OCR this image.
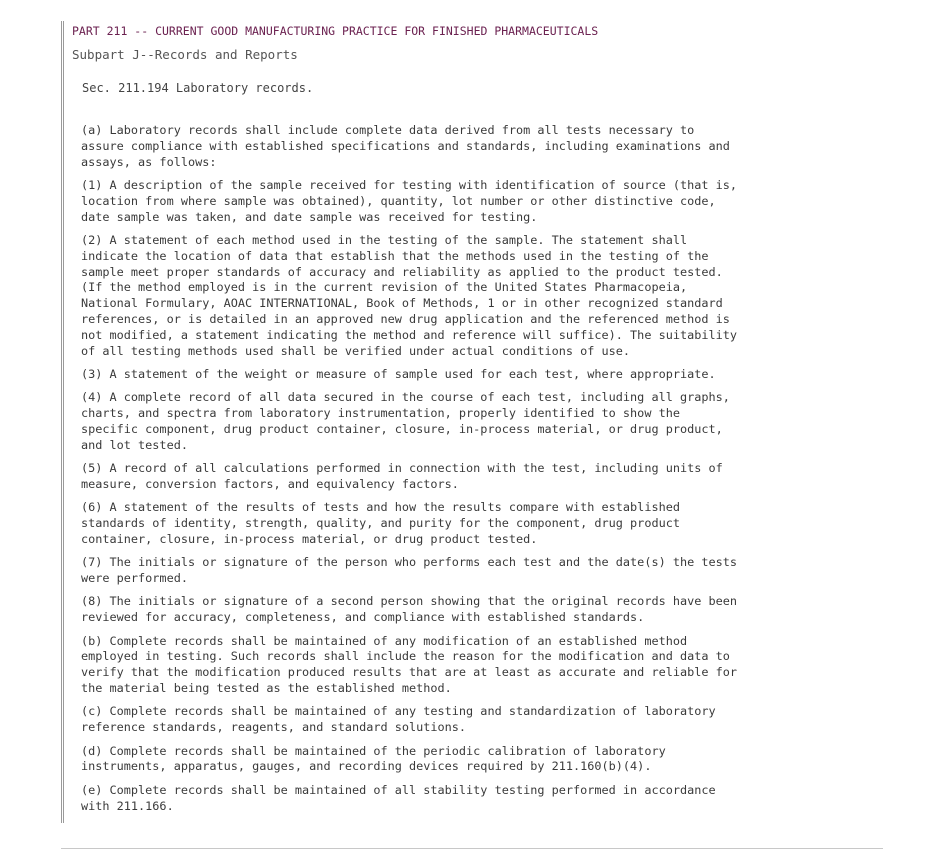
PART 211 -- CURRENT GOOD MANUFACTURING PRACTICE FOR FINISHED PHARMACEUTICALS
Subpart J--Records and Reports
Sec. 211.194 Laboratory records.

(a) Laboratory records shall include complete data derived from all tests necessary to
assure compliance with established specifications and standards, including examinations and
assays, as follows:

(1) A description of the sample received for testing with identification of source (that is,
location from where sample was obtained), quantity, lot number or other distinctive code,
date sample was taken, and date sample was received for testing.

(2) A statement of each method used in the testing of the sample. The statement shall
indicate the location of data that establish that the methods used in the testing of the
sample meet proper standards of accuracy and reliability as applied to the product tested.
(If the method employed is in the current revision of the United States Pharmacopeia,
National Formulary, AOAC INTERNATIONAL, Book of Methods, 1 or in other recognized standard
references, or is detailed in an approved new drug application and the referenced method is
not modified, a statement indicating the method and reference will suffice). The suitability
of all testing methods used shall be verified under actual conditions of use.

(3) A statement of the weight or measure of sample used for each test, where appropriate.

(4) A complete record of all data secured in the course of each test, including all graphs,
charts, and spectra from laboratory instrumentation, properly identified to show the
specific component, drug product container, closure, in-process material, or drug product,
and lot tested.

(5) A record of all calculations performed in connection with the test, including units of
measure, conversion factors, and equivalency factors.

(6) A statement of the results of tests and how the results compare with established
standards of identity, strength, quality, and purity for the component, drug product
container, closure, in-process material, or drug product tested.

(7) The initials or signature of the person who performs each test and the date(s) the tests
were performed.

(8) The initials or signature of a second person showing that the original records have been
reviewed for accuracy, completeness, and compliance with established standards.

(b) Complete records shall be maintained of any modification of an established method
employed in testing. Such records shall include the reason for the modification and data to
verify that the modification produced results that are at least as accurate and reliable for
the material being tested as the established method.

(c) Complete records shall be maintained of any testing and standardization of laboratory
reference standards, reagents, and standard solutions.

(d) Complete records shall be maintained of the periodic calibration of laboratory
instruments, apparatus, gauges, and recording devices required by 211.160(b)(4).

(e) Complete records shall be maintained of all stability testing performed in accordance
with 211.166.
